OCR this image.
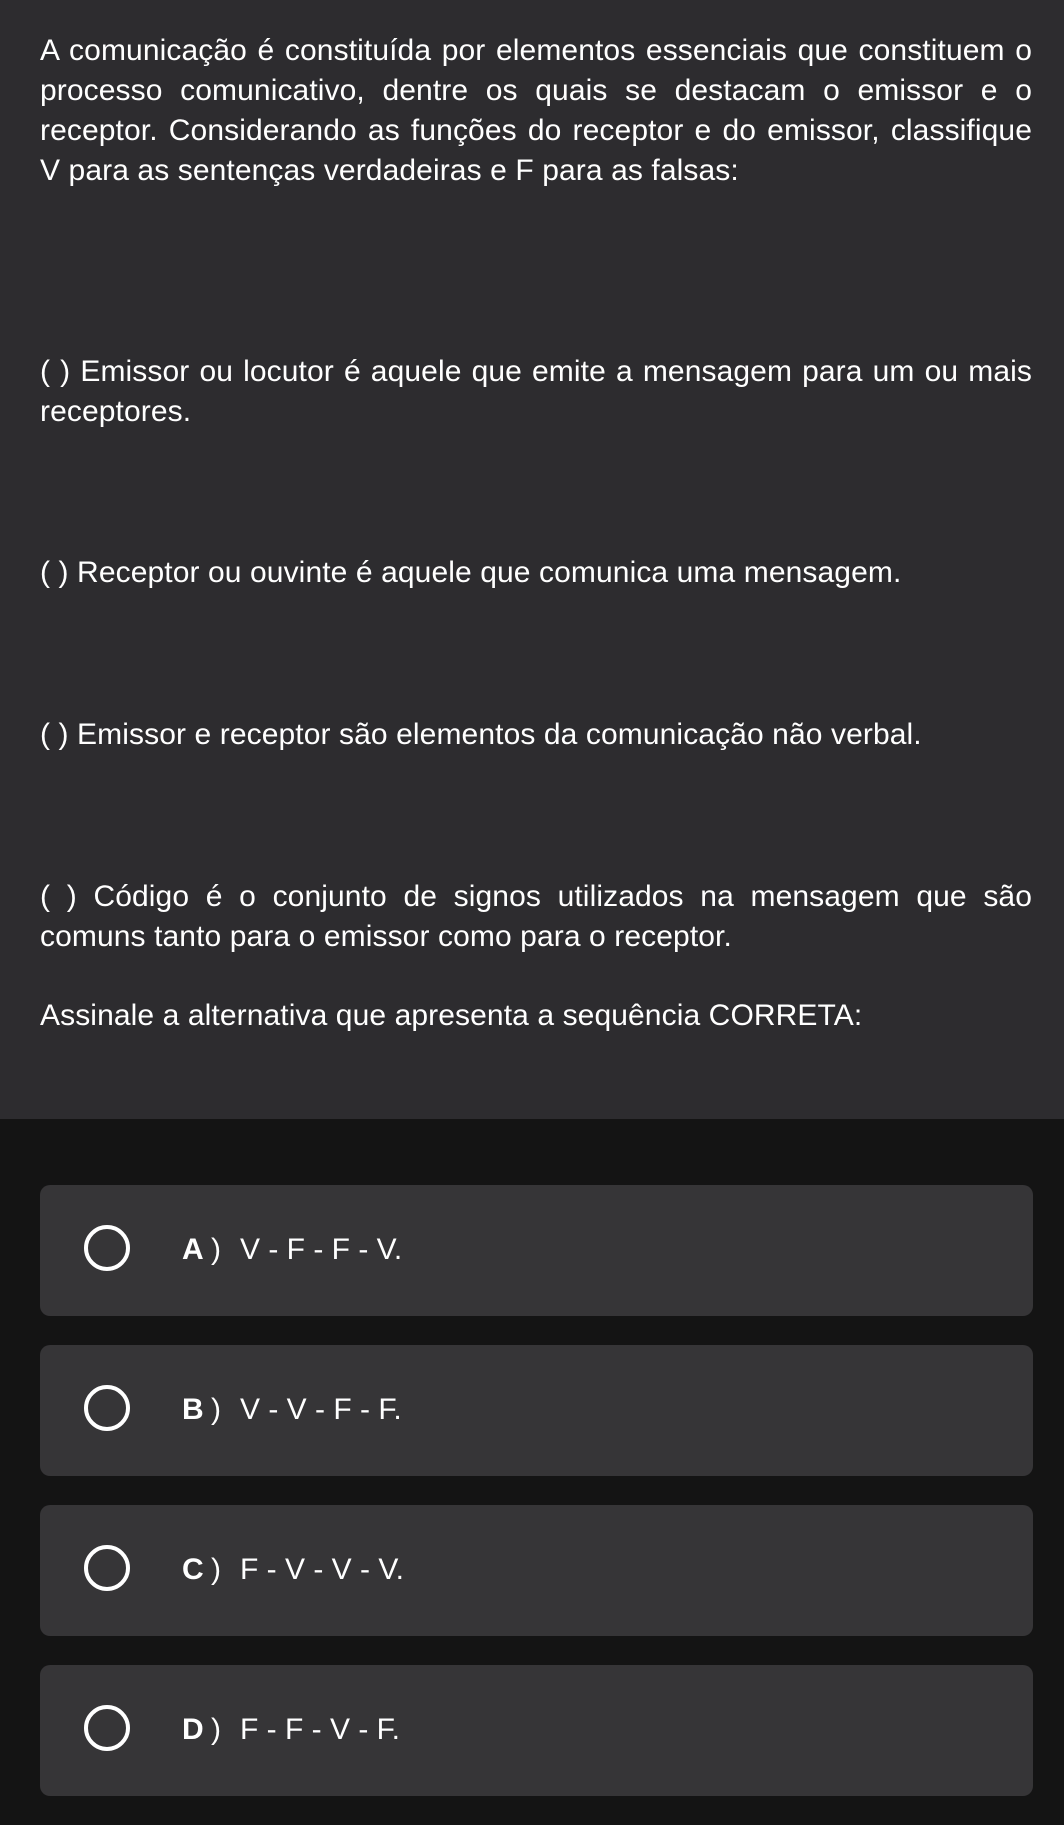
A comunicação é constituída por elementos essenciais que constituem o processo comunicativo, dentre os quais se destacam o emissor e o receptor. Considerando as funções do receptor e do emissor, classifique V para as sentenças verdadeiras e F para as falsas:

( ) Emissor ou locutor é aquele que emite a mensagem para um ou mais receptores.

( ) Receptor ou ouvinte é aquele que comunica uma mensagem.

( ) Emissor e receptor são elementos da comunicação não verbal.

( ) Código é o conjunto de signos utilizados na mensagem que são comuns tanto para o emissor como para o receptor.

Assinale a alternativa que apresenta a sequência CORRETA:

A ) V - F - F - V.
B ) V - V - F - F.
C ) F - V - V - V.
D ) F - F - V - F.
